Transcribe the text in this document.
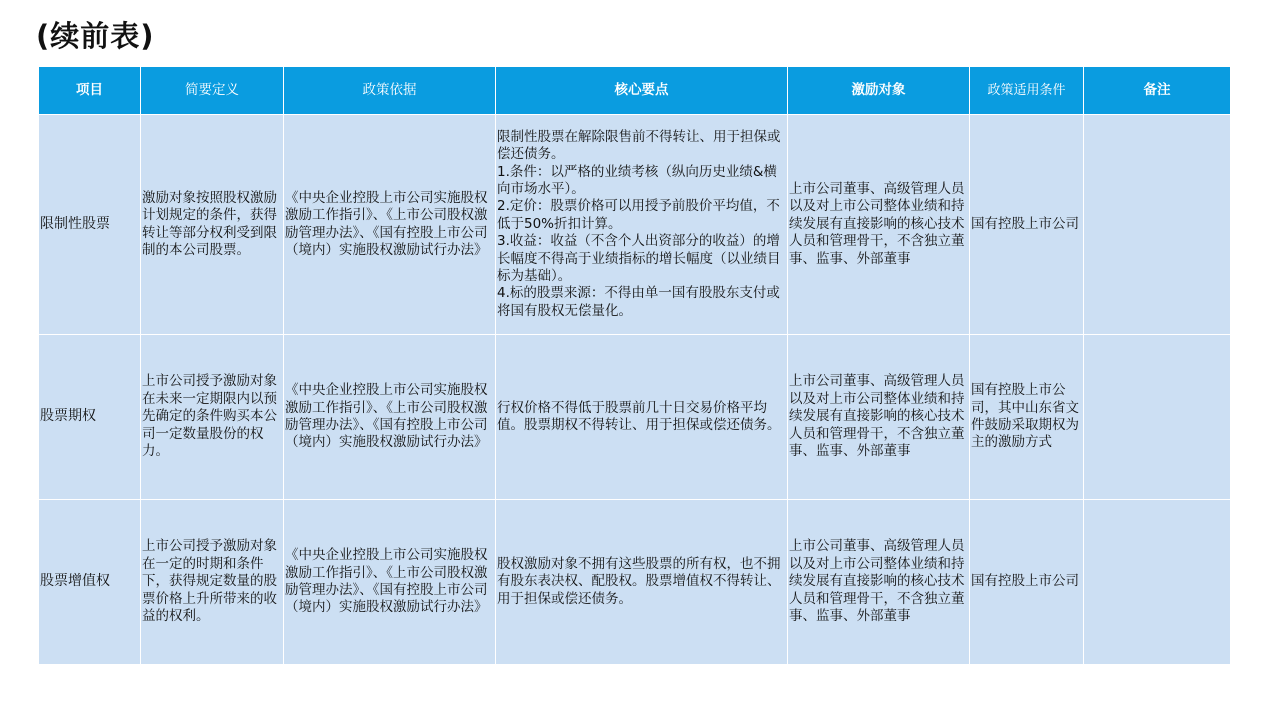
(续前表)
项目	简要定义	政策依据	核心要点	激励对象	政策适用条件	备注
限制性股票	激励对象按照股权激励计划规定的条件，获得转让等部分权利受到限制的本公司股票。	《中央企业控股上市公司实施股权激励工作指引》、《上市公司股权激励管理办法》、《国有控股上市公司（境内）实施股权激励试行办法》	限制性股票在解除限售前不得转让、用于担保或偿还债务。
1.条件：以严格的业绩考核（纵向历史业绩&横向市场水平）。
2.定价：股票价格可以用授予前股价平均值，不低于50%折扣计算。
3.收益：收益（不含个人出资部分的收益）的增长幅度不得高于业绩指标的增长幅度（以业绩目标为基础）。
4.标的股票来源：不得由单一国有股股东支付或将国有股权无偿量化。	上市公司董事、高级管理人员以及对上市公司整体业绩和持续发展有直接影响的核心技术人员和管理骨干，不含独立董事、监事、外部董事	国有控股上市公司	
股票期权	上市公司授予激励对象在未来一定期限内以预先确定的条件购买本公司一定数量股份的权力。	《中央企业控股上市公司实施股权激励工作指引》、《上市公司股权激励管理办法》、《国有控股上市公司（境内）实施股权激励试行办法》	行权价格不得低于股票前几十日交易价格平均值。股票期权不得转让、用于担保或偿还债务。	上市公司董事、高级管理人员以及对上市公司整体业绩和持续发展有直接影响的核心技术人员和管理骨干，不含独立董事、监事、外部董事	国有控股上市公司，其中山东省文件鼓励采取期权为主的激励方式	
股票增值权	上市公司授予激励对象在一定的时期和条件下，获得规定数量的股票价格上升所带来的收益的权利。	《中央企业控股上市公司实施股权激励工作指引》、《上市公司股权激励管理办法》、《国有控股上市公司（境内）实施股权激励试行办法》	股权激励对象不拥有这些股票的所有权，也不拥有股东表决权、配股权。股票增值权不得转让、用于担保或偿还债务。	上市公司董事、高级管理人员以及对上市公司整体业绩和持续发展有直接影响的核心技术人员和管理骨干，不含独立董事、监事、外部董事	国有控股上市公司	
